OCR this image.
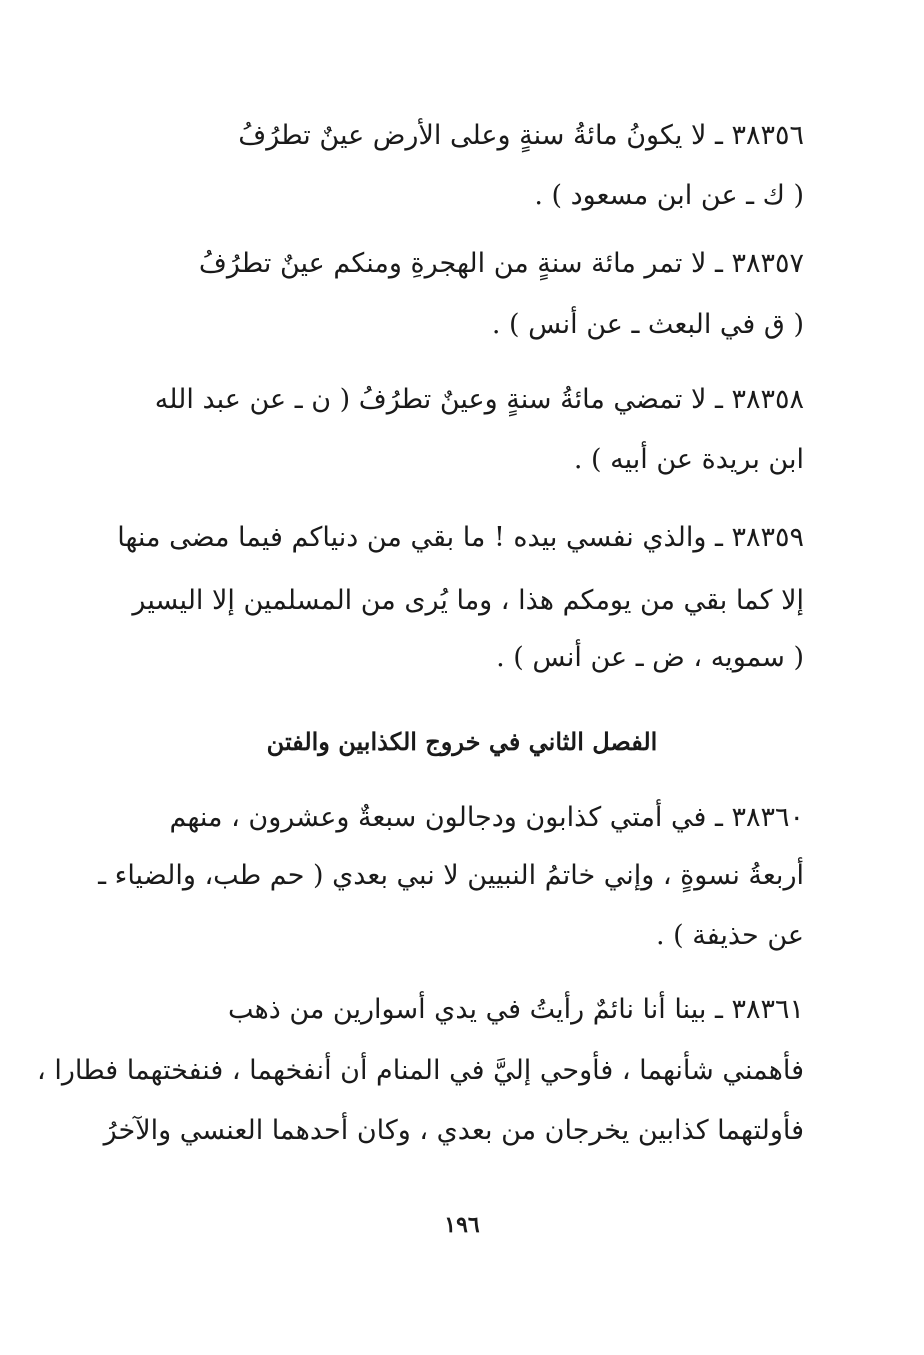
٣٨٣٥٦ ـ لا يكونُ مائةُ سنةٍ وعلى الأرض عينٌ تطرُفُ
( ك ـ عن ابن مسعود ) .
٣٨٣٥٧ ـ لا تمر مائة سنةٍ من الهجرةِ ومنكم عينٌ تطرُفُ
( ق في البعث ـ عن أنس ) .
٣٨٣٥٨ ـ لا تمضي مائةُ سنةٍ وعينٌ تطرُفُ ( ن ـ عن عبد الله
ابن بريدة عن أبيه ) .
٣٨٣٥٩ ـ والذي نفسي بيده ! ما بقي من دنياكم فيما مضى منها
إلا كما بقي من يومكم هذا ، وما يُرى من المسلمين إلا اليسير
( سمويه ، ض ـ عن أنس ) .
الفصل الثاني في خروج الكذابين والفتن
٣٨٣٦٠ ـ في أمتي كذابون ودجالون سبعةٌ وعشرون ، منهم
أربعةُ نسوةٍ ، وإني خاتمُ النبيين لا نبي بعدي ( حم طب، والضياء ـ
عن حذيفة ) .
٣٨٣٦١ ـ بينا أنا نائمٌ رأيتُ في يدي أسوارين من ذهب
فأهمني شأنهما ، فأوحي إليَّ في المنام أن أنفخهما ، فنفختهما فطارا ،
فأولتهما كذابين يخرجان من بعدي ، وكان أحدهما العنسي والآخرُ
١٩٦
